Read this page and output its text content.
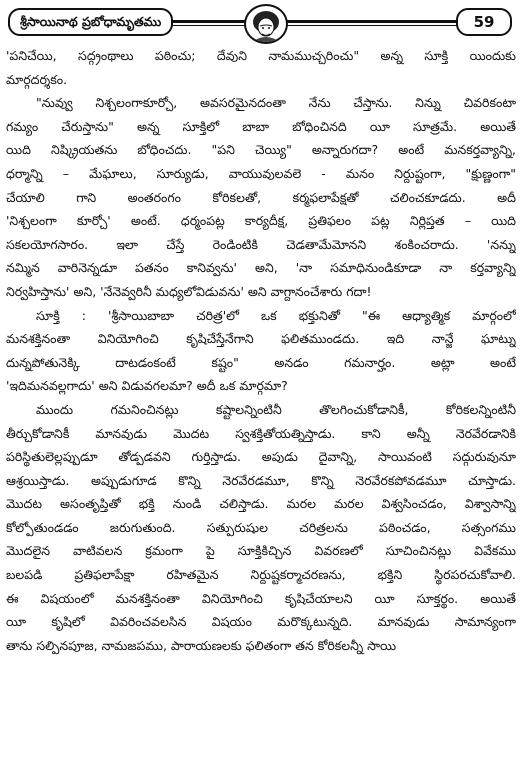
శ్రీసాయినాథ ప్రబోధామృతము	59
'పనిచేయి, సద్గ్రంథాలు పఠించు; దేవుని నామముచ్చరించు" అన్న సూక్తి యిందుకు
మార్గదర్శకం.
"నువ్వు నిశ్చలంగాకూర్చో, అవసరమైనదంతా నేను చేస్తాను. నిన్ను చివరికంటా
గమ్యం చేరుస్తాను" అన్న సూక్తిలో బాబా బోధించినది యీ సూత్రమే. అయితే
యిది నిష్క్రియతను బోధించదు. "పని చెయ్యి" అన్నారుగదా? అంటే మనకర్తవ్యాన్ని,
ధర్మాన్ని – మేఘాలు, సూర్యుడు, వాయువులవలె - మనం నిర్దుష్టంగా, "క్షుణ్ణంగా"
చేయాలి గాని అంతరంగం కోరికలతో, కర్మఫలాపేక్షతో చలించకూడదు. అదీ
'నిశ్చలంగా కూర్చో' అంటే. ధర్మంపట్ల కార్యదీక్ష, ప్రతిఫలం పట్ల నిర్లిప్తత – యిది
సకలయోగసారం. ఇలా చేస్తే రెండింటికి చెడతామేమోనని శంకించరాదు. 'నన్ను
నమ్మిన వారినెన్నడూ పతనం కానివ్వను' అని, 'నా సమాధినుండికూడా నా కర్తవ్యాన్ని
నిర్వహిస్తాను' అని, 'నేనెవ్వరినీ మధ్యలోవిడువను' అని వాగ్దానంచేశారు గదా!
సూక్తి : 'శ్రీసాయిబాబా చరిత్ర'లో ఒక భక్తునితో "ఈ ఆధ్యాత్మిక మార్గంలో
మనశక్తినంతా వినియోగించి కృషిచేస్తేనేగాని ఫలితముండదు. ఇది నాన్జే ఘాట్ను
దున్నపోతునెక్కి దాటడంకంటే కష్టం" అనడం గమనార్హం. అట్లా అంటే
'ఇదిమనవల్లగాదు' అని విడువగలమా? అదీ ఒక మార్గమా?
ముందు గమనించినట్లు కష్టాలన్నింటినీ తొలగించుకోడానికీ, కోరికలన్నింటినీ
తీర్చుకోడానికీ మానవుడు మొదట స్వశక్తితోయత్నిస్తాడు. కాని అన్నీ నెరవేరడానికి
పరిస్థితులెల్లప్పుడూ తోడ్పడవని గుర్తిస్తాడు. అపుడు దైవాన్ని, సాయివంటి సద్గురువునూ
ఆశ్రయిస్తాడు. అప్పుడుగూడ కొన్ని నెరవేరడమూ, కొన్ని నెరవేరకపోవడమూ చూస్తాడు.
మొదట అసంతృప్తితో భక్తి నుండి చలిస్తాడు. మరల మరల విశ్వసించడం, విశ్వాసాన్ని
కోల్పోతుండడం జరుగుతుంది. సత్పురుషుల చరిత్రలను పఠించడం, సత్సంగము
మొదలైన వాటివలన క్రమంగా పై సూక్తికిచ్చిన వివరణలో సూచించినట్లు వివేకము
బలపడి ప్రతిఫలాపేక్షా రహితమైన నిర్దుష్టకర్మాచరణను, భక్తిని స్థిరపరచుకోవాలి.
ఈ విషయంలో మనశక్తినంతా వినియోగించి కృషిచేయాలని యీ సూక్తర్థం. అయితే
యీ కృషిలో వివరించవలసిన విషయం మరొక్కటున్నది. మానవుడు సామాన్యంగా
తాను సల్పినపూజ, నామజపము, పారాయణలకు ఫలితంగా తన కోరికలన్నీ సాయి
